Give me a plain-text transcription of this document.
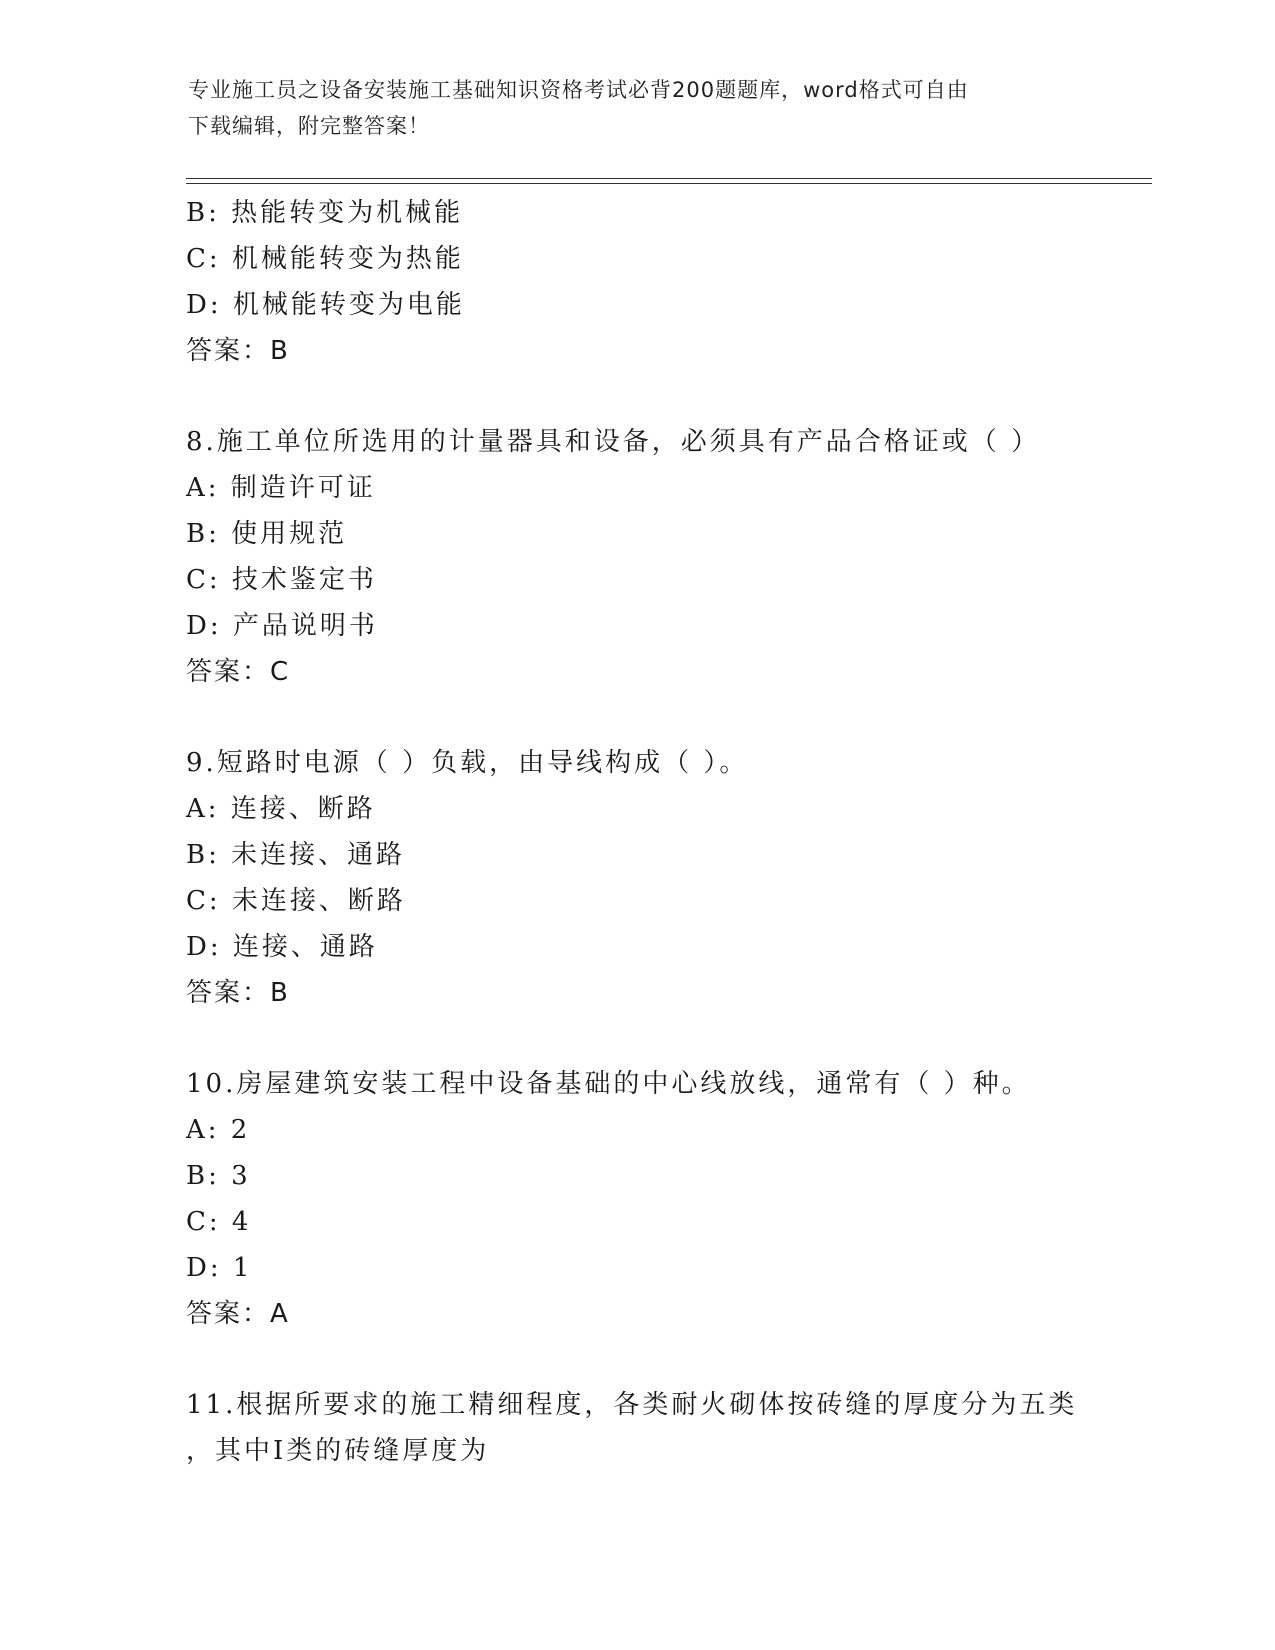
专业施工员之设备安装施工基础知识资格考试必背200题题库，word格式可自由
下载编辑，附完整答案！
B: 热能转变为机械能
C: 机械能转变为热能
D: 机械能转变为电能
答案：B
8.施工单位所选用的计量器具和设备，必须具有产品合格证或（ ）
A: 制造许可证
B: 使用规范
C: 技术鉴定书
D: 产品说明书
答案：C
9.短路时电源（ ）负载，由导线构成（ ）。
A: 连接、断路
B: 未连接、通路
C: 未连接、断路
D: 连接、通路
答案：B
10.房屋建筑安装工程中设备基础的中心线放线，通常有（ ）种。
A: 2
B: 3
C: 4
D: 1
答案：A
11.根据所要求的施工精细程度，各类耐火砌体按砖缝的厚度分为五类
，其中Ⅰ类的砖缝厚度为
